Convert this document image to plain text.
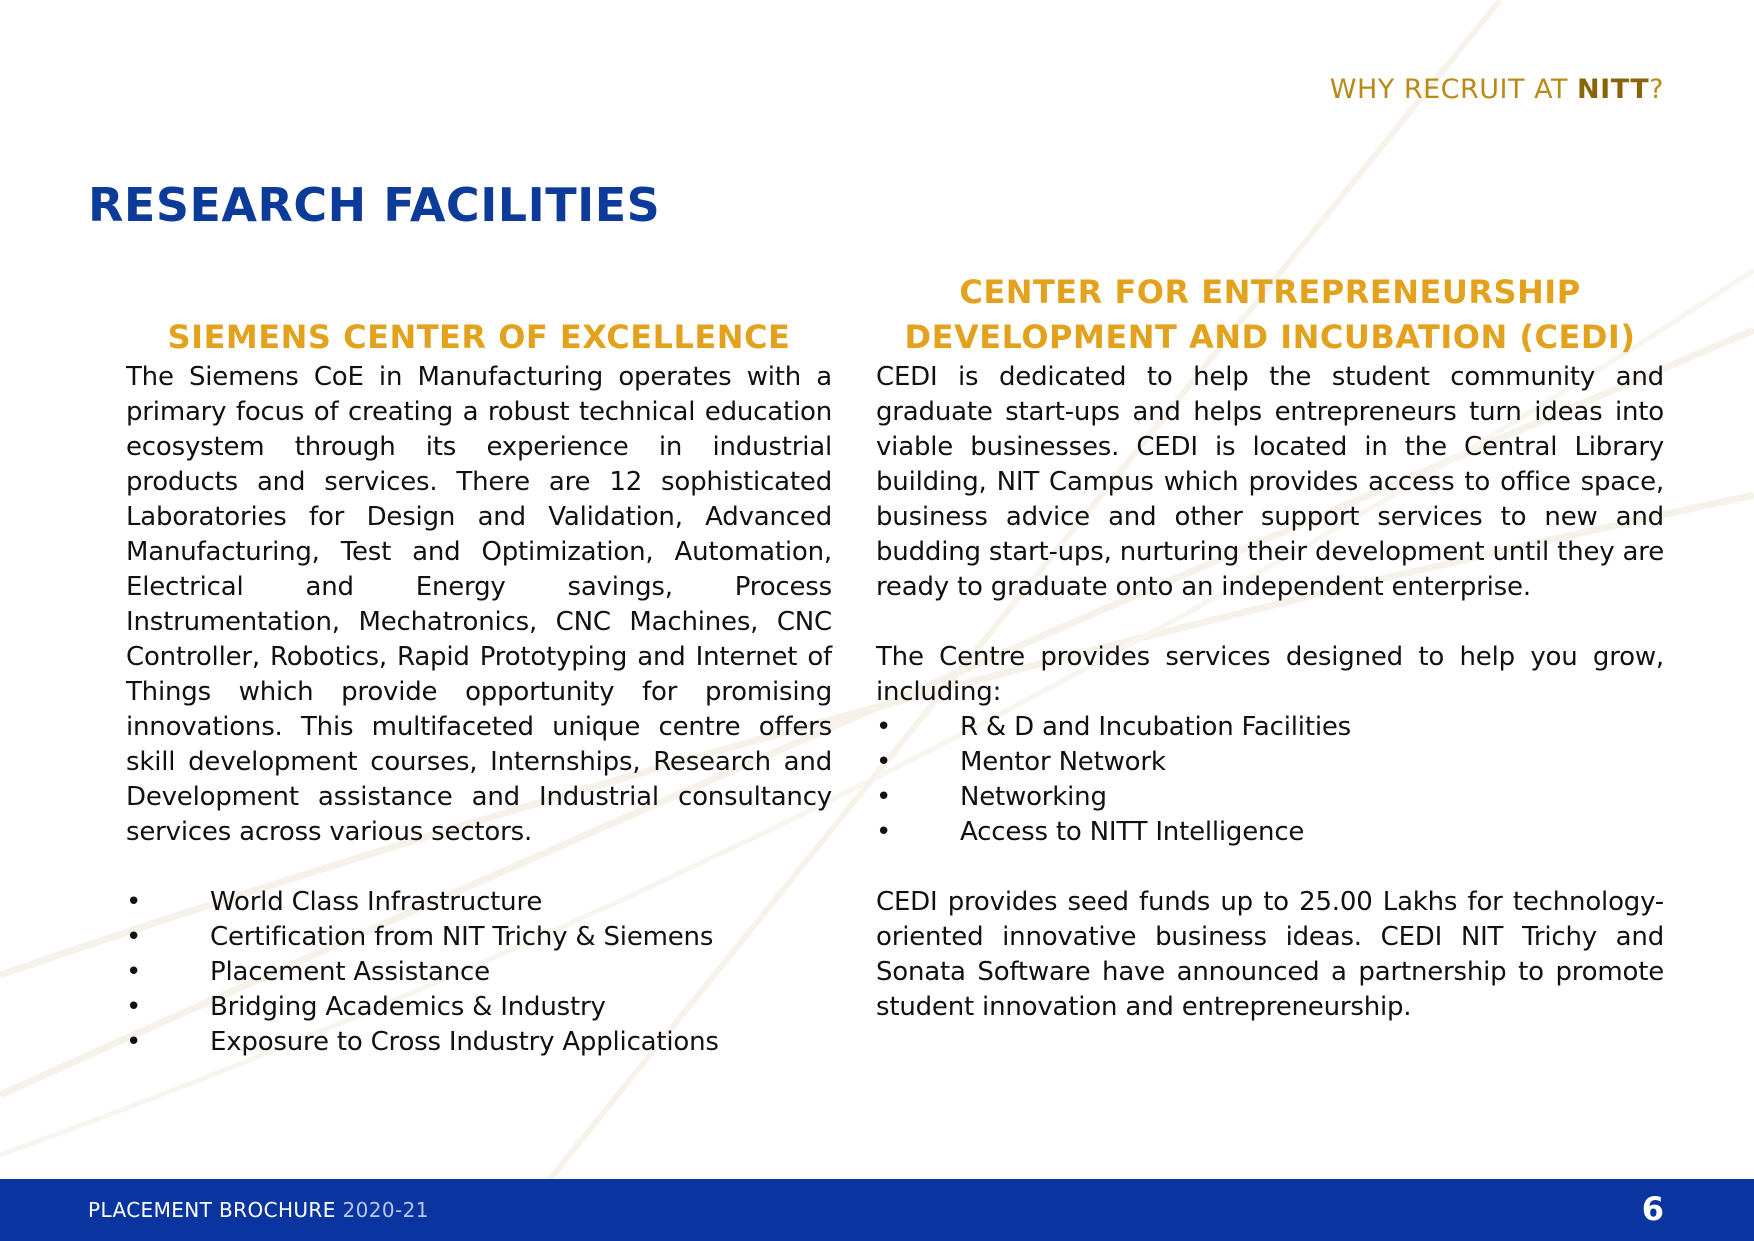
WHY RECRUIT AT NITT?
RESEARCH FACILITIES
SIEMENS CENTER OF EXCELLENCE

The Siemens CoE in Manufacturing operates with a primary focus of creating a robust technical education ecosystem through its experience in industrial products and services. There are 12 sophisticated Laboratories for Design and Validation, Advanced Manufacturing, Test and Optimization, Automation, Electrical and Energy savings, Process Instrumentation, Mechatronics, CNC Machines, CNC Controller, Robotics, Rapid Prototyping and Internet of Things which provide opportunity for promising innovations. This multifaceted unique centre offers skill development courses, Internships, Research and Development assistance and Industrial consultancy services across various sectors.

•	World Class Infrastructure
•	Certification from NIT Trichy & Siemens
•	Placement Assistance
•	Bridging Academics & Industry
•	Exposure to Cross Industry Applications
CENTER FOR ENTREPRENEURSHIP
DEVELOPMENT AND INCUBATION (CEDI)

CEDI is dedicated to help the student community and graduate start-ups and helps entrepreneurs turn ideas into viable businesses. CEDI is located in the Central Library building, NIT Campus which provides access to office space, business advice and other support services to new and budding start-ups, nurturing their development until they are ready to graduate onto an independent enterprise.

The Centre provides services designed to help you grow, including:

•	R & D and Incubation Facilities
•	Mentor Network
•	Networking
•	Access to NITT Intelligence

CEDI provides seed funds up to 25.00 Lakhs for technology-oriented innovative business ideas. CEDI NIT Trichy and Sonata Software have announced a partnership to promote student innovation and entrepreneurship.

PLACEMENT BROCHURE 2020-21	6
